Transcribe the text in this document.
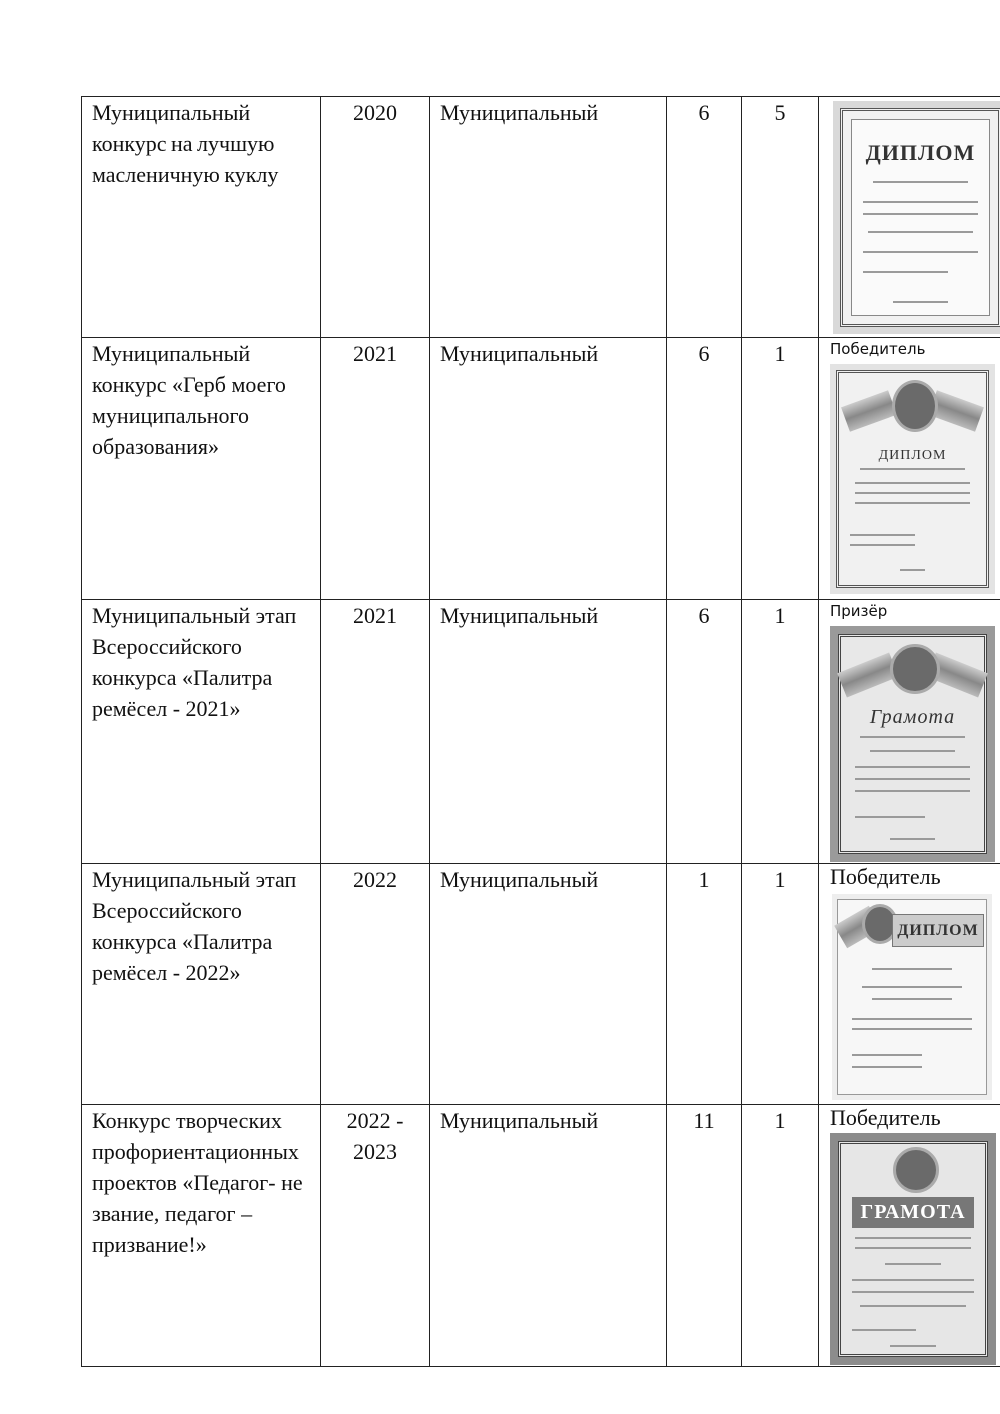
Муниципальный конкурс на лучшую масленичную куклу	2020	Муниципальный	6	5	ДИПЛОМ

Муниципальный конкурс «Герб моего муниципального образования»	2021	Муниципальный	6	1	Победитель
ДИПЛОМ

Муниципальный этап Всероссийского конкурса «Палитра ремёсел - 2021»	2021	Муниципальный	6	1	Призёр
Грамота

Муниципальный этап Всероссийского конкурса «Палитра ремёсел - 2022»	2022	Муниципальный	1	1	Победитель
ДИПЛОМ

Конкурс творческих профориентационных проектов «Педагог- не звание, педагог – призвание!»	2022 - 2023	Муниципальный	11	1	Победитель
ГРАМОТА
